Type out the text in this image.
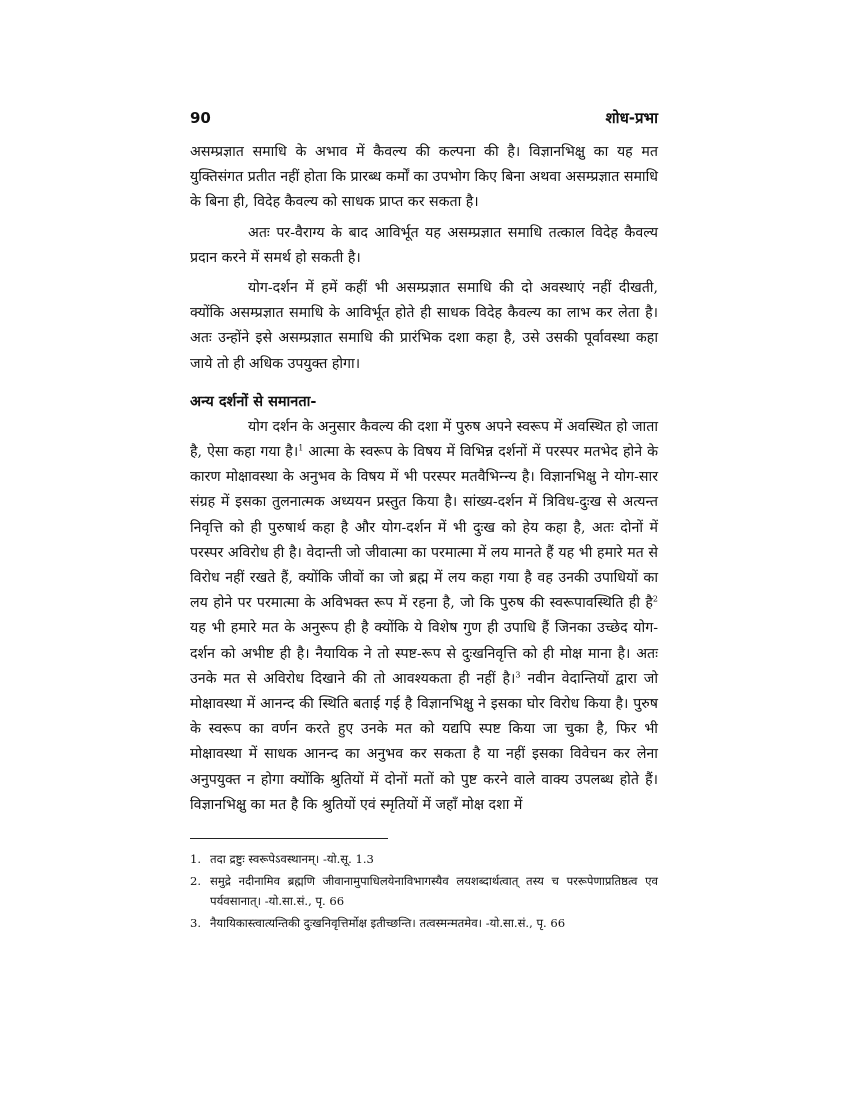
90	शोध-प्रभा

असम्प्रज्ञात समाधि के अभाव में कैवल्य की कल्पना की है। विज्ञानभिक्षु का यह मत युक्तिसंगत प्रतीत नहीं होता कि प्रारब्ध कर्मों का उपभोग किए बिना अथवा असम्प्रज्ञात समाधि के बिना ही, विदेह कैवल्य को साधक प्राप्त कर सकता है।

अतः पर-वैराग्य के बाद आविर्भूत यह असम्प्रज्ञात समाधि तत्काल विदेह कैवल्य प्रदान करने में समर्थ हो सकती है।

योग-दर्शन में हमें कहीं भी असम्प्रज्ञात समाधि की दो अवस्थाएं नहीं दीखती, क्योंकि असम्प्रज्ञात समाधि के आविर्भूत होते ही साधक विदेह कैवल्य का लाभ कर लेता है। अतः उन्होंने इसे असम्प्रज्ञात समाधि की प्रारंभिक दशा कहा है, उसे उसकी पूर्वावस्था कहा जाये तो ही अधिक उपयुक्त होगा।

अन्य दर्शनों से समानता-

योग दर्शन के अनुसार कैवल्य की दशा में पुरुष अपने स्वरूप में अवस्थित हो जाता है, ऐसा कहा गया है।$^1$ आत्मा के स्वरूप के विषय में विभिन्न दर्शनों में परस्पर मतभेद होने के कारण मोक्षावस्था के अनुभव के विषय में भी परस्पर मतवैभिन्न्य है। विज्ञानभिक्षु ने योग-सार संग्रह में इसका तुलनात्मक अध्ययन प्रस्तुत किया है। सांख्य-दर्शन में त्रिविध-दुःख से अत्यन्त निवृत्ति को ही पुरुषार्थ कहा है और योग-दर्शन में भी दुःख को हेय कहा है, अतः दोनों में परस्पर अविरोध ही है। वेदान्ती जो जीवात्मा का परमात्मा में लय मानते हैं यह भी हमारे मत से विरोध नहीं रखते हैं, क्योंकि जीवों का जो ब्रह्म में लय कहा गया है वह उनकी उपाधियों का लय होने पर परमात्मा के अविभक्त रूप में रहना है, जो कि पुरुष की स्वरूपावस्थिति ही है$^2$ यह भी हमारे मत के अनुरूप ही है क्योंकि ये विशेष गुण ही उपाधि हैं जिनका उच्छेद योग-दर्शन को अभीष्ट ही है। नैयायिक ने तो स्पष्ट-रूप से दुःखनिवृत्ति को ही मोक्ष माना है। अतः उनके मत से अविरोध दिखाने की तो आवश्यकता ही नहीं है।$^3$ नवीन वेदान्तियों द्वारा जो मोक्षावस्था में आनन्द की स्थिति बताई गई है विज्ञानभिक्षु ने इसका घोर विरोध किया है। पुरुष के स्वरूप का वर्णन करते हुए उनके मत को यद्यपि स्पष्ट किया जा चुका है, फिर भी मोक्षावस्था में साधक आनन्द का अनुभव कर सकता है या नहीं इसका विवेचन कर लेना अनुपयुक्त न होगा क्योंकि श्रुतियों में दोनों मतों को पुष्ट करने वाले वाक्य उपलब्ध होते हैं। विज्ञानभिक्षु का मत है कि श्रुतियों एवं स्मृतियों में जहाँ मोक्ष दशा में

1. तदा द्रष्टुः स्वरूपेऽवस्थानम्। -यो.सू. 1.3
2. समुद्रे नदीनामिव ब्रह्मणि जीवानामुपाधिलयेनाविभागस्यैव लयशब्दार्थत्वात् तस्य च पररूपेणाप्रतिष्ठत्व एव पर्यवसानात्। -यो.सा.सं., पृ. 66
3. नैयायिकास्त्वात्यन्तिकी दुःखनिवृत्तिर्मोक्ष इतीच्छन्ति। तत्वस्मन्मतमेव। -यो.सा.सं., पृ. 66
